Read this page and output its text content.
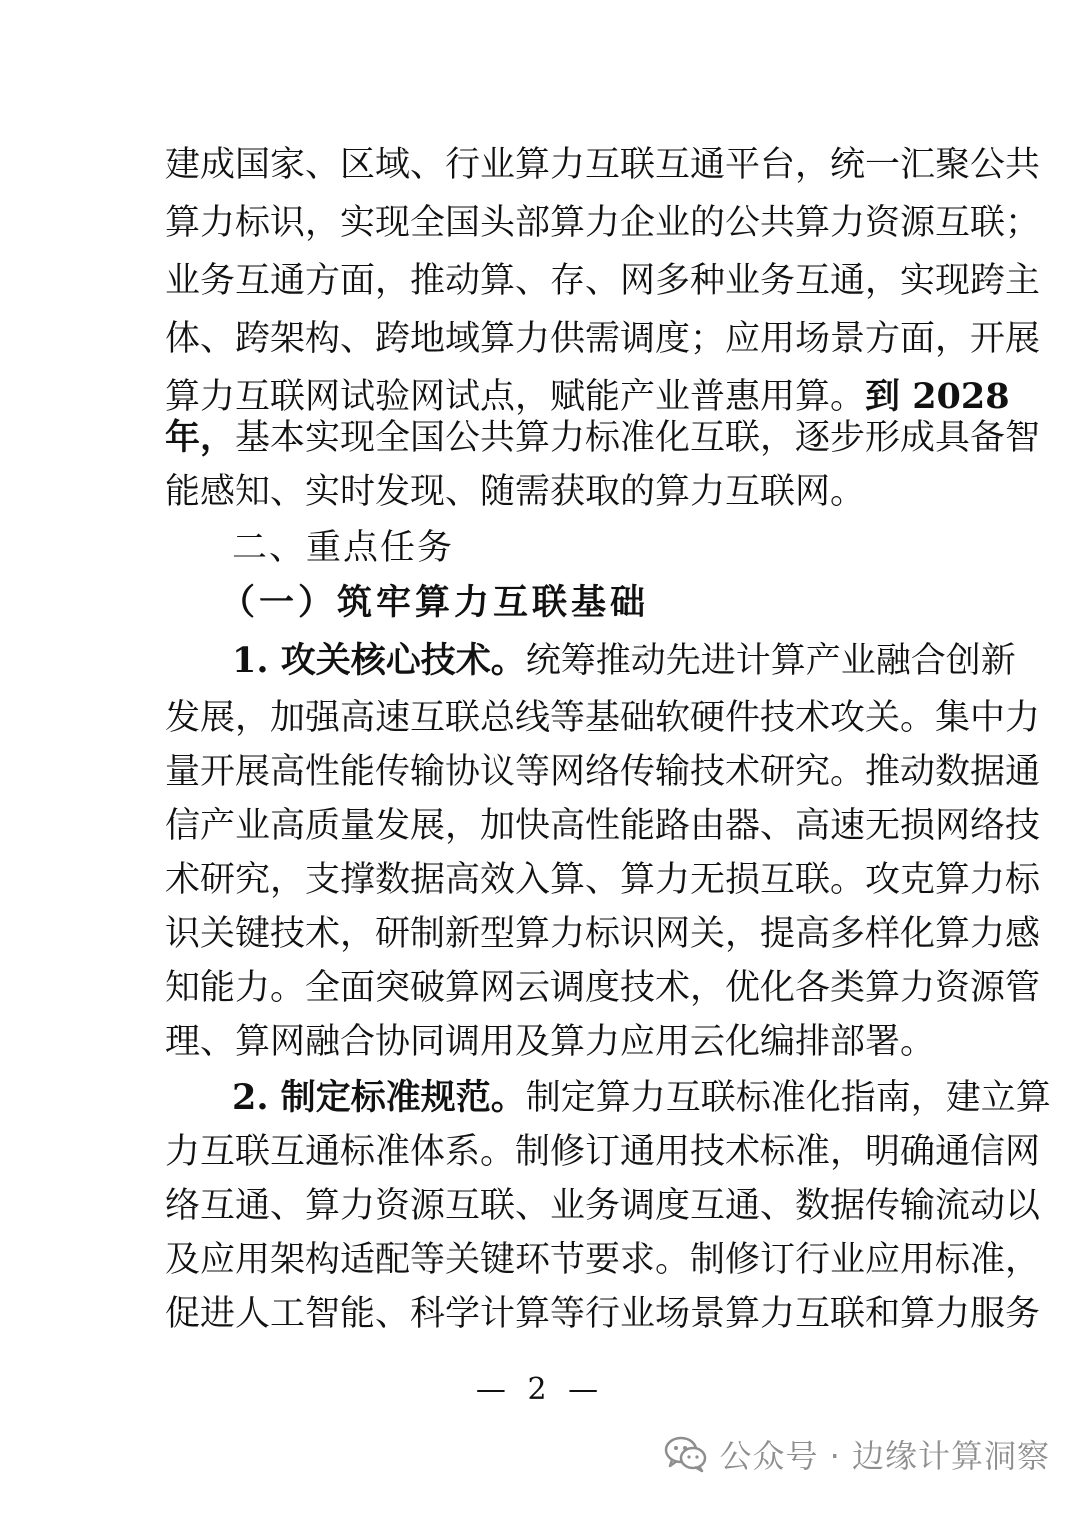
建成国家、区域、行业算力互联互通平台，统一汇聚公共
算力标识，实现全国头部算力企业的公共算力资源互联；
业务互通方面，推动算、存、网多种业务互通，实现跨主
体、跨架构、跨地域算力供需调度；应用场景方面，开展
算力互联网试验网试点，赋能产业普惠用算。到 2028
年，基本实现全国公共算力标准化互联，逐步形成具备智
能感知、实时发现、随需获取的算力互联网。
二、重点任务
（一）筑牢算力互联基础
1. 攻关核心技术。统筹推动先进计算产业融合创新
发展，加强高速互联总线等基础软硬件技术攻关。集中力
量开展高性能传输协议等网络传输技术研究。推动数据通
信产业高质量发展，加快高性能路由器、高速无损网络技
术研究，支撑数据高效入算、算力无损互联。攻克算力标
识关键技术，研制新型算力标识网关，提高多样化算力感
知能力。全面突破算网云调度技术，优化各类算力资源管
理、算网融合协同调用及算力应用云化编排部署。
2. 制定标准规范。制定算力互联标准化指南，建立算
力互联互通标准体系。制修订通用技术标准，明确通信网
络互通、算力资源互联、业务调度互通、数据传输流动以
及应用架构适配等关键环节要求。制修订行业应用标准，
促进人工智能、科学计算等行业场景算力互联和算力服务
— 2 —
公众号 · 边缘计算洞察
